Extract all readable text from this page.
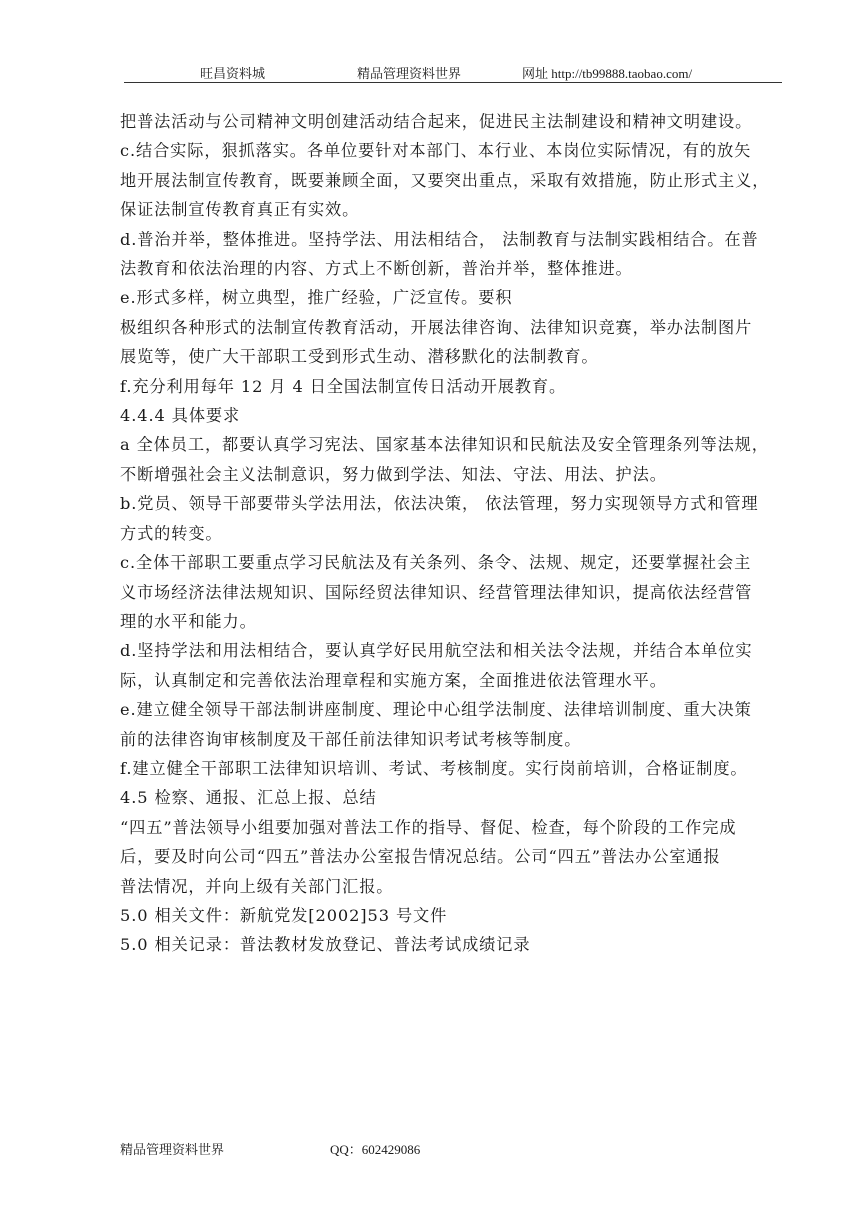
旺昌资料城	精品管理资料世界	网址 http://tb99888.taobao.com/

把普法活动与公司精神文明创建活动结合起来，促进民主法制建设和精神文明建设。

c.结合实际，狠抓落实。各单位要针对本部门、本行业、本岗位实际情况，有的放矢

地开展法制宣传教育，既要兼顾全面，又要突出重点，采取有效措施，防止形式主义，

保证法制宣传教育真正有实效。

d.普治并举，整体推进。坚持学法、用法相结合， 法制教育与法制实践相结合。在普

法教育和依法治理的内容、方式上不断创新，普治并举，整体推进。

e.形式多样，树立典型，推广经验，广泛宣传。要积

极组织各种形式的法制宣传教育活动，开展法律咨询、法律知识竞赛，举办法制图片

展览等，使广大干部职工受到形式生动、潜移默化的法制教育。

f.充分利用每年 12 月 4 日全国法制宣传日活动开展教育。

4.4.4 具体要求

a 全体员工，都要认真学习宪法、国家基本法律知识和民航法及安全管理条列等法规，

不断增强社会主义法制意识，努力做到学法、知法、守法、用法、护法。

b.党员、领导干部要带头学法用法，依法决策， 依法管理，努力实现领导方式和管理

方式的转变。

c.全体干部职工要重点学习民航法及有关条列、条令、法规、规定，还要掌握社会主

义市场经济法律法规知识、国际经贸法律知识、经营管理法律知识，提高依法经营管

理的水平和能力。

d.坚持学法和用法相结合，要认真学好民用航空法和相关法令法规，并结合本单位实

际，认真制定和完善依法治理章程和实施方案，全面推进依法管理水平。

e.建立健全领导干部法制讲座制度、理论中心组学法制度、法律培训制度、重大决策

前的法律咨询审核制度及干部任前法律知识考试考核等制度。

f.建立健全干部职工法律知识培训、考试、考核制度。实行岗前培训，合格证制度。

4.5 检察、通报、汇总上报、总结

“四五”普法领导小组要加强对普法工作的指导、督促、检查，每个阶段的工作完成

后，要及时向公司“四五”普法办公室报告情况总结。公司“四五”普法办公室通报

普法情况，并向上级有关部门汇报。

5.0 相关文件：新航党发[2002]53 号文件

5.0 相关记录：普法教材发放登记、普法考试成绩记录

精品管理资料世界	QQ：602429086
